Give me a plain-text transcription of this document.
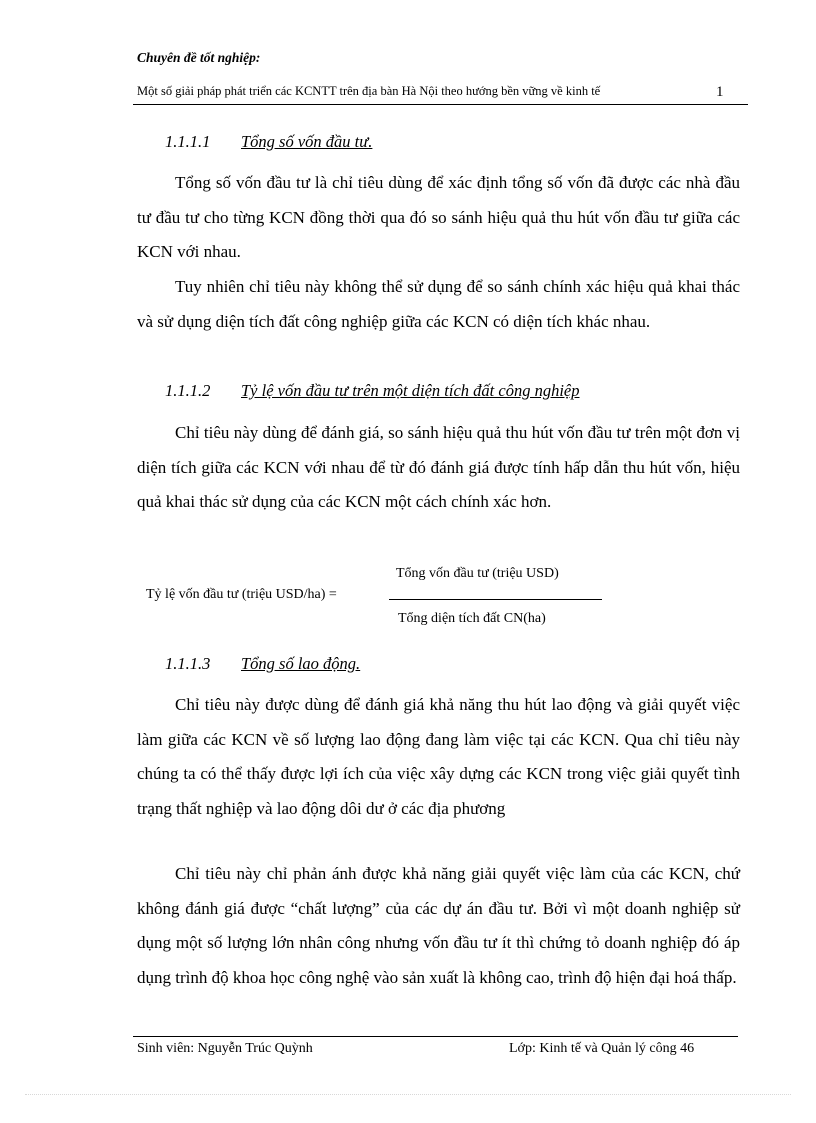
Chuyên đề tốt nghiệp:
Một số giải pháp phát triển các KCNTT trên địa bàn Hà Nội theo hướng bền vững về kinh tế	1
1.1.1.1 Tổng số vốn đầu tư.
Tổng số vốn đầu tư là chỉ tiêu dùng để xác định tổng số vốn đã được các nhà đầu tư đầu tư cho từng KCN đồng thời qua đó so sánh hiệu quả thu hút vốn đầu tư giữa các KCN với nhau.
Tuy nhiên chỉ tiêu này không thể sử dụng để so sánh chính xác hiệu quả khai thác và sử dụng diện tích đất công nghiệp giữa các KCN có diện tích khác nhau.
1.1.1.2 Tỷ lệ vốn đầu tư trên một diện tích đất công nghiệp
Chỉ tiêu này dùng để đánh giá, so sánh hiệu quả thu hút vốn đầu tư trên một đơn vị diện tích giữa các KCN với nhau để từ đó đánh giá được tính hấp dẫn thu hút vốn, hiệu quả khai thác sử dụng của các KCN một cách chính xác hơn.
Tỷ lệ vốn đầu tư (triệu USD/ha) =
Tổng vốn đầu tư (triệu USD)
Tổng diện tích đất CN(ha)
1.1.1.3 Tổng số lao động.
Chỉ tiêu này được dùng để đánh giá khả năng thu hút lao động và giải quyết việc làm giữa các KCN về số lượng lao động đang làm việc tại các KCN. Qua chỉ tiêu này chúng ta có thể thấy được lợi ích của việc xây dựng các KCN trong việc giải quyết tình trạng thất nghiệp và lao động dôi dư ở các địa phương
Chỉ tiêu này chỉ phản ánh được khả năng giải quyết việc làm của các KCN, chứ không đánh giá được “chất lượng” của các dự án đầu tư. Bởi vì một doanh nghiệp sử dụng một số lượng lớn nhân công nhưng vốn đầu tư ít thì chứng tỏ doanh nghiệp đó áp dụng trình độ khoa học công nghệ vào sản xuất là không cao, trình độ hiện đại hoá thấp.
Sinh viên: Nguyễn Trúc Quỳnh	Lớp: Kinh tế và Quản lý công 46
